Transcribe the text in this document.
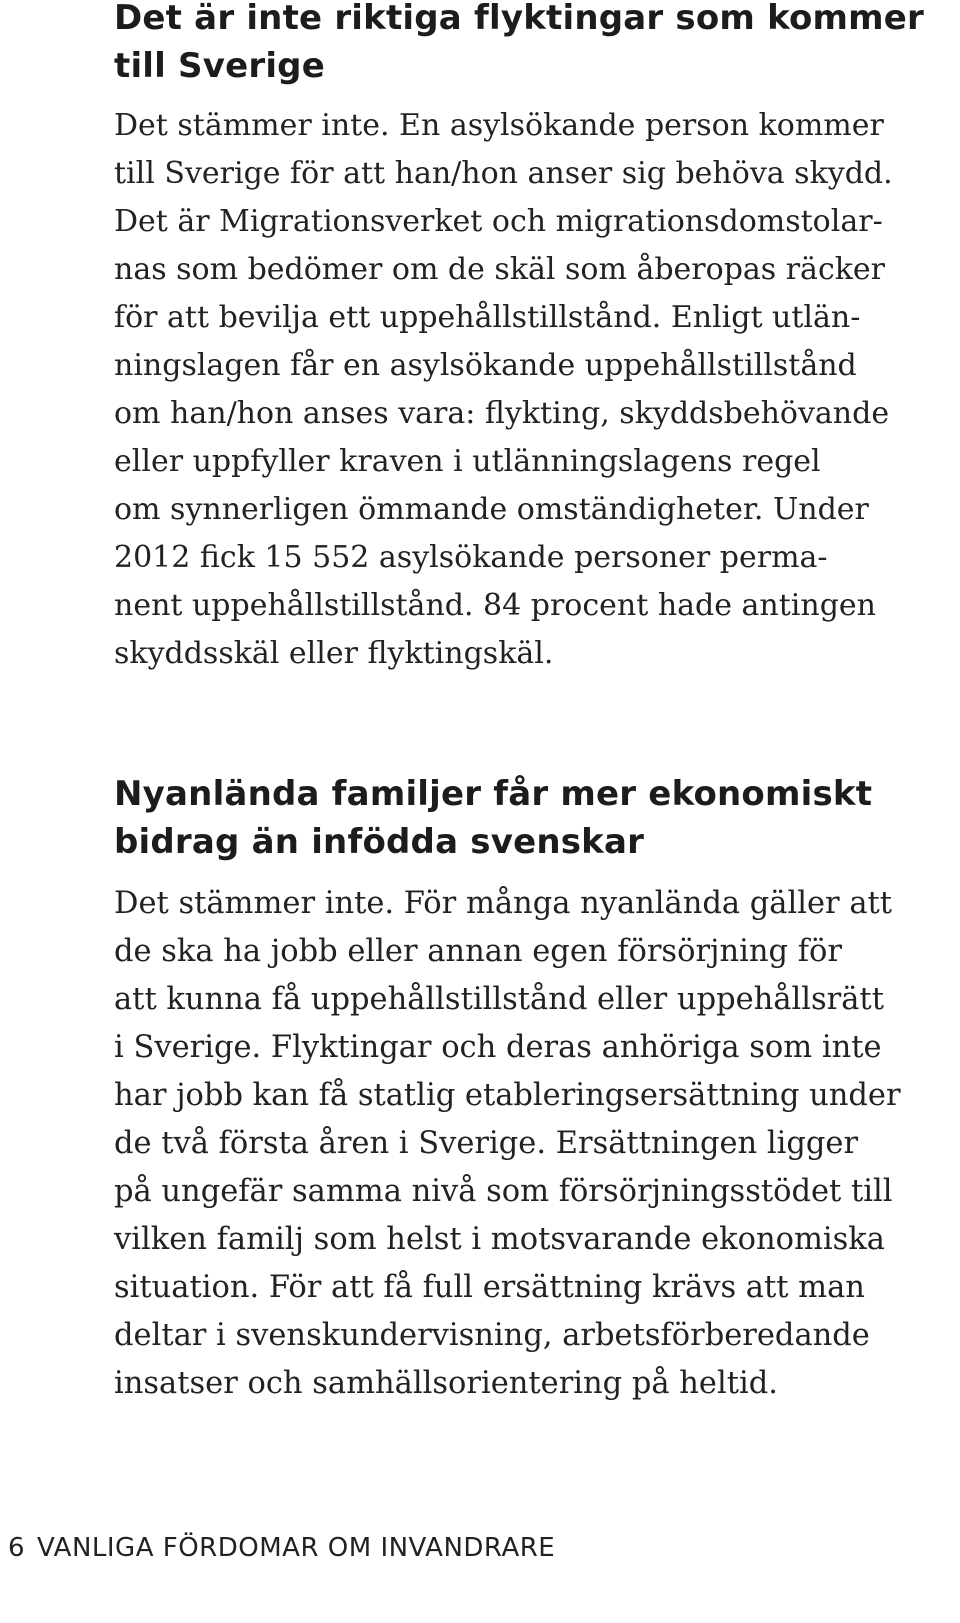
Det är inte riktiga flyktingar som kommer
till Sverige

Det stämmer inte. En asylsökande person kommer
till Sverige för att han/hon anser sig behöva skydd.
Det är Migrationsverket och migrationsdomstolar-
nas som bedömer om de skäl som åberopas räcker
för att bevilja ett uppehållstillstånd. Enligt utlän-
ningslagen får en asylsökande uppehållstillstånd
om han/hon anses vara: flykting, skyddsbehövande
eller uppfyller kraven i utlänningslagens regel
om synnerligen ömmande omständigheter. Under
2012 fick 15 552 asylsökande personer perma-
nent uppehållstillstånd. 84 procent hade antingen
skyddsskäl eller flyktingskäl.

Nyanlända familjer får mer ekonomiskt
bidrag än infödda svenskar

Det stämmer inte. För många nyanlända gäller att
de ska ha jobb eller annan egen försörjning för
att kunna få uppehållstillstånd eller uppehållsrätt
i Sverige. Flyktingar och deras anhöriga som inte
har jobb kan få statlig etableringsersättning under
de två första åren i Sverige. Ersättningen ligger
på ungefär samma nivå som försörjningsstödet till
vilken familj som helst i motsvarande ekonomiska
situation. För att få full ersättning krävs att man
deltar i svenskundervisning, arbetsförberedande
insatser och samhällsorientering på heltid.

6 VANLIGA FÖRDOMAR OM INVANDRARE
